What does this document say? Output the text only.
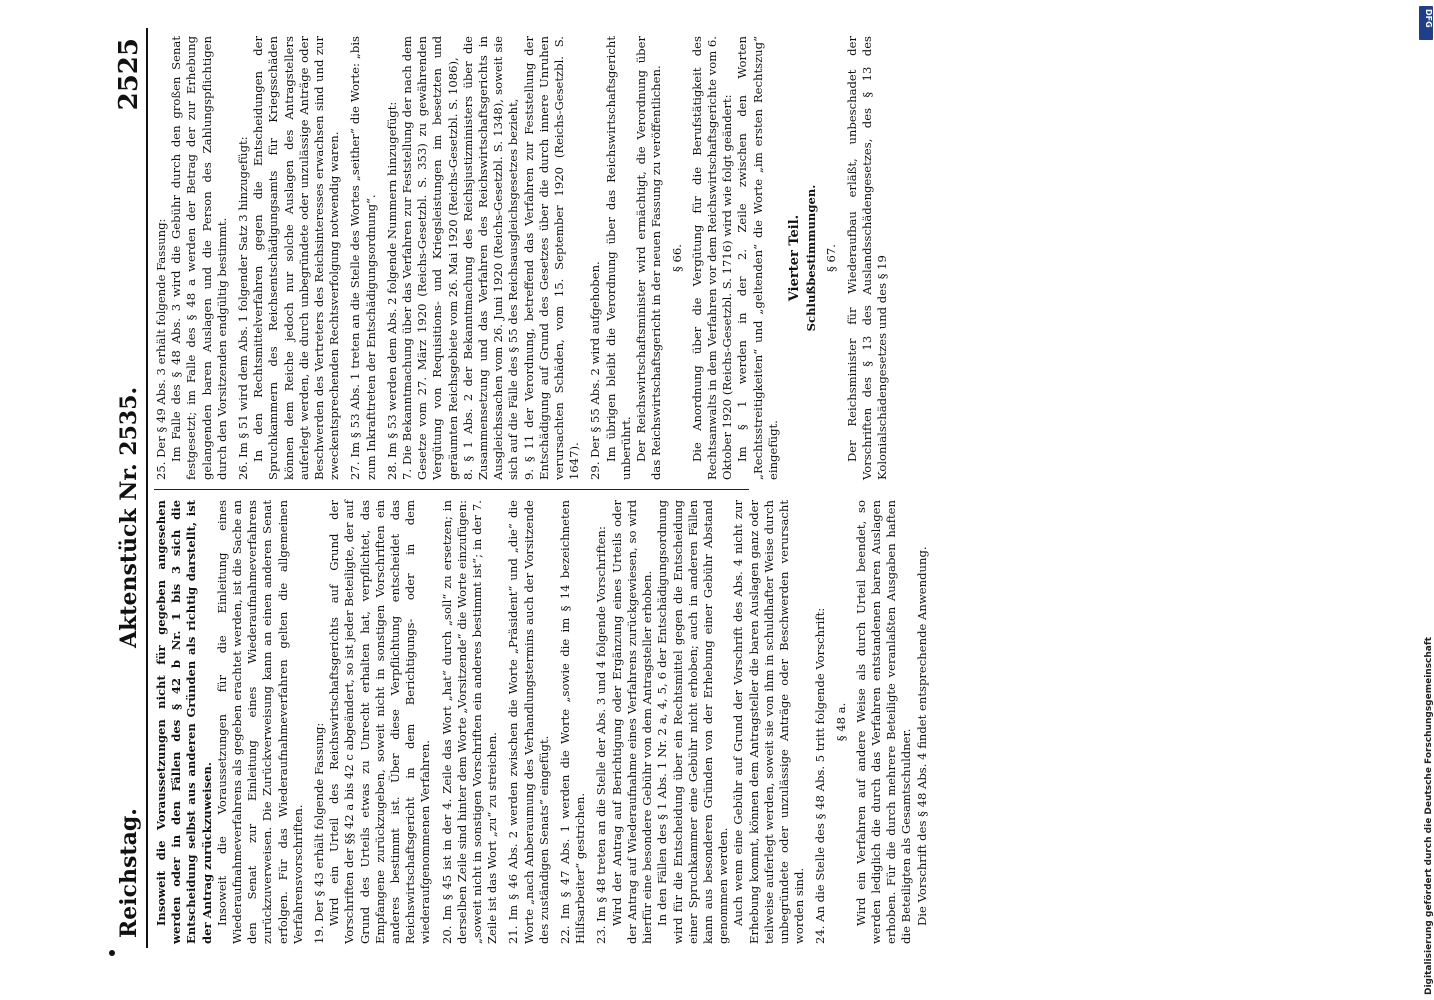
Reichstag.
Aktenstück Nr. 2535.
2525

Insoweit die Voraussetzungen nicht für gegeben angesehen werden oder in den Fällen des § 42 b Nr. 1 bis 3 sich die Entscheidung selbst aus anderen Gründen als richtig darstellt, ist der Antrag zurückzuweisen. Insoweit die Voraussetzungen für die Einleitung eines Wiederaufnahmeverfahrens als gegeben erachtet werden, ist die Sache an den Senat zur Einleitung eines Wiederaufnahmeverfahrens zurückzuverweisen. Die Zurückverweisung kann an einen anderen Senat erfolgen. Für das Wiederaufnahmeverfahren gelten die allgemeinen Verfahrensvorschriften. 19. Der § 43 erhält folgende Fassung: Wird ein Urteil des Reichswirtschaftsgerichts auf Grund der Vorschriften der §§ 42 a bis 42 c abgeändert, so ist jeder Beteiligte, der auf Grund des Urteils etwas zu Unrecht erhalten hat, verpflichtet, das Empfangene zurückzugeben, soweit nicht in sonstigen Vorschriften ein anderes bestimmt ist. Über diese Verpflichtung entscheidet das Reichswirtschaftsgericht in dem Berichtigungs- oder in dem wiederaufgenommenen Verfahren. 20. Im § 45 ist in der 4. Zeile das Wort „hat“ durch „soll“ zu ersetzen; in derselben Zeile sind hinter dem Worte „Vorsitzende“ die Worte einzufügen: „soweit nicht in sonstigen Vorschriften ein anderes bestimmt ist“; in der 7. Zeile ist das Wort „zu“ zu streichen. 21. Im § 46 Abs. 2 werden zwischen die Worte „Präsident“ und „die“ die Worte „nach Anberaumung des Verhandlungstermins auch der Vorsitzende des zuständigen Senats“ eingefügt. 22. Im § 47 Abs. 1 werden die Worte „sowie die im § 14 bezeichneten Hilfsarbeiter“ gestrichen. 23. Im § 48 treten an die Stelle der Abs. 3 und 4 folgende Vorschriften: Wird der Antrag auf Berichtigung oder Ergänzung eines Urteils oder der Antrag auf Wiederaufnahme eines Verfahrens zurückgewiesen, so wird hierfür eine besondere Gebühr von dem Antragsteller erhoben. In den Fällen des § 1 Abs. 1 Nr. 2 a, 4, 5, 6 der Entschädigungsordnung wird für die Entscheidung über ein Rechtsmittel gegen die Entscheidung einer Spruchkammer eine Gebühr nicht erhoben; auch in anderen Fällen kann aus besonderen Gründen von der Erhebung einer Gebühr Abstand genommen werden. Auch wenn eine Gebühr auf Grund der Vorschrift des Abs. 4 nicht zur Erhebung kommt, können dem Antragsteller die baren Auslagen ganz oder teilweise auferlegt werden, soweit sie von ihm in schuldhafter Weise durch unbegründete oder unzulässige Anträge oder Beschwerden verursacht worden sind. 24. An die Stelle des § 48 Abs. 5 tritt folgende Vorschrift: § 48 a. Wird ein Verfahren auf andere Weise als durch Urteil beendet, so werden lediglich die durch das Verfahren entstandenen baren Auslagen erhoben. Für die durch mehrere Beteiligte veranlaßten Ausgaben haften die Beteiligten als Gesamtschuldner. Die Vorschrift des § 48 Abs. 4 findet entsprechende Anwendung.

25. Der § 49 Abs. 3 erhält folgende Fassung: Im Falle des § 48 Abs. 3 wird die Gebühr durch den großen Senat festgesetzt; im Falle des § 48 a werden der Betrag der zur Erhebung gelangenden baren Auslagen und die Person des Zahlungspflichtigen durch den Vorsitzenden endgültig bestimmt. 26. Im § 51 wird dem Abs. 1 folgender Satz 3 hinzugefügt: In den Rechtsmittelverfahren gegen die Entscheidungen der Spruchkammern des Reichsentschädigungsamts für Kriegsschäden können dem Reiche jedoch nur solche Auslagen des Antragstellers auferlegt werden, die durch unbegründete oder unzulässige Anträge oder Beschwerden des Vertreters des Reichsinteresses erwachsen sind und zur zweckentsprechenden Rechtsverfolgung notwendig waren. 27. Im § 53 Abs. 1 treten an die Stelle des Wortes „seither“ die Worte: „bis zum Inkrafttreten der Entschädigungsordnung“. 28. Im § 53 werden dem Abs. 2 folgende Nummern hinzugefügt: 7. Die Bekanntmachung über das Verfahren zur Feststellung der nach dem Gesetze vom 27. März 1920 (Reichs-Gesetzbl. S. 353) zu gewährenden Vergütung von Requisitions- und Kriegsleistungen im besetzten und geräumten Reichsgebiete vom 26. Mai 1920 (Reichs-Gesetzbl. S. 1086), 8. § 1 Abs. 2 der Bekanntmachung des Reichsjustizministers über die Zusammensetzung und das Verfahren des Reichswirtschaftsgerichts in Ausgleichssachen vom 26. Juni 1920 (Reichs-Gesetzbl. S. 1348), soweit sie sich auf die Fälle des § 55 des Reichsausgleichsgesetzes bezieht, 9. § 11 der Verordnung, betreffend das Verfahren zur Feststellung der Entschädigung auf Grund des Gesetzes über die durch innere Unruhen verursachten Schäden, vom 15. September 1920 (Reichs-Gesetzbl. S. 1647). 29. Der § 55 Abs. 2 wird aufgehoben. Im übrigen bleibt die Verordnung über das Reichswirtschaftsgericht unberührt. Der Reichswirtschaftsminister wird ermächtigt, die Verordnung über das Reichswirtschaftsgericht in der neuen Fassung zu veröffentlichen. § 66. Die Anordnung über die Vergütung für die Berufstätigkeit des Rechtsanwalts in dem Verfahren vor dem Reichswirtschaftsgerichte vom 6. Oktober 1920 (Reichs-Gesetzbl. S. 1716) wird wie folgt geändert: Im § 1 werden in der 2. Zeile zwischen den Worten „Rechtsstreitigkeiten“ und „geltenden“ die Worte „im ersten Rechtszug“ eingefügt.

Vierter Teil. Schlußbestimmungen. § 67. Der Reichsminister für Wiederaufbau erläßt, unbeschadet der Vorschriften des § 13 des Auslandsschädengesetzes, des § 13 des Kolonialschädengesetzes und des § 19

Digitalisierung gefördert durch die Deutsche Forschungsgemeinschaft
DFG
